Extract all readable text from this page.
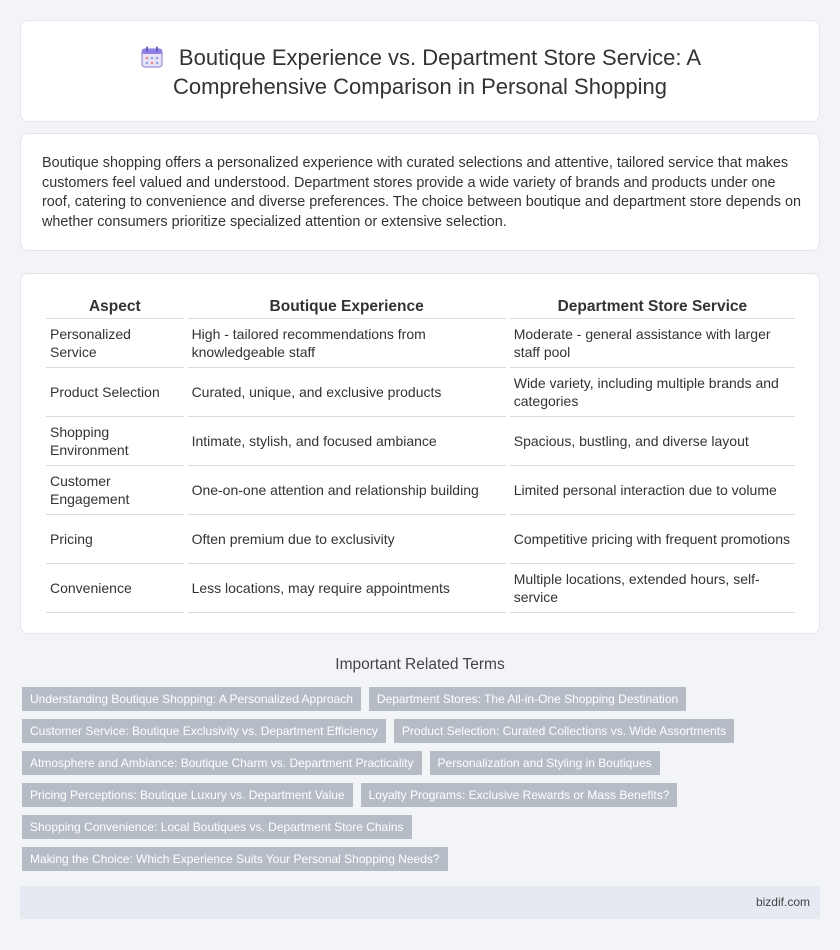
Boutique Experience vs. Department Store Service: A
Comprehensive Comparison in Personal Shopping

Boutique shopping offers a personalized experience with curated selections and attentive, tailored service that makes customers feel valued and understood. Department stores provide a wide variety of brands and products under one roof, catering to convenience and diverse preferences. The choice between boutique and department store depends on whether consumers prioritize specialized attention or extensive selection.

Aspect	Boutique Experience	Department Store Service
Personalized Service	High - tailored recommendations from knowledgeable staff	Moderate - general assistance with larger staff pool
Product Selection	Curated, unique, and exclusive products	Wide variety, including multiple brands and categories
Shopping Environment	Intimate, stylish, and focused ambiance	Spacious, bustling, and diverse layout
Customer Engagement	One-on-one attention and relationship building	Limited personal interaction due to volume
Pricing	Often premium due to exclusivity	Competitive pricing with frequent promotions
Convenience	Less locations, may require appointments	Multiple locations, extended hours, self-service
Important Related Terms
Understanding Boutique Shopping: A Personalized Approach	Department Stores: The All-in-One Shopping Destination
Customer Service: Boutique Exclusivity vs. Department Efficiency	Product Selection: Curated Collections vs. Wide Assortments
Atmosphere and Ambiance: Boutique Charm vs. Department Practicality	Personalization and Styling in Boutiques
Pricing Perceptions: Boutique Luxury vs. Department Value	Loyalty Programs: Exclusive Rewards or Mass Benefits?
Shopping Convenience: Local Boutiques vs. Department Store Chains
Making the Choice: Which Experience Suits Your Personal Shopping Needs?
bizdif.com
